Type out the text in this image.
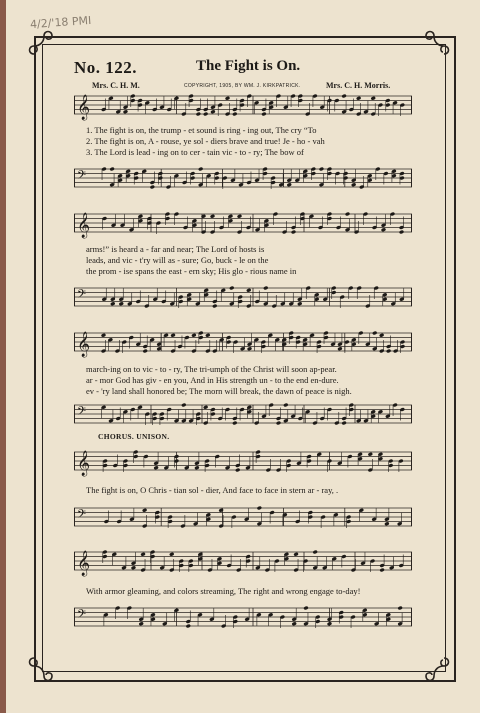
4/2/'18 PMI
No. 122.	The Fight is On.
Mrs. C. H. M.	COPYRIGHT, 1905, BY WM. J. KIRKPATRICK.	Mrs. C. H. Morris.
𝄞
1. The fight is on, the trump - et sound is ring - ing out, The cry “To
2. The fight is on, A - rouse, ye sol - diers brave and true! Je - ho - vah
3. The Lord is lead - ing on to cer - tain vic - to - ry; The bow of
𝄢
𝄞
arms!” is heard a - far and near; The Lord of hosts is
leads, and vic - t'ry will as - sure; Go, buck - le on the
the prom - ise spans the east - ern sky; His glo - rious name in
𝄢
𝄞
march-ing on to vic - to - ry, The tri-umph of the Christ will soon ap-pear.
ar - mor God has giv - en you, And in His strength un - to the end en-dure.
ev - 'ry land shall honored be; The morn will break, the dawn of peace is nigh.
𝄢
CHORUS. UNISON.
𝄞
The fight is on, O Chris - tian sol - dier, And face to face in stern ar - ray, .
𝄢
𝄞
With armor gleaming, and colors streaming, The right and wrong engage to-day!
𝄢
